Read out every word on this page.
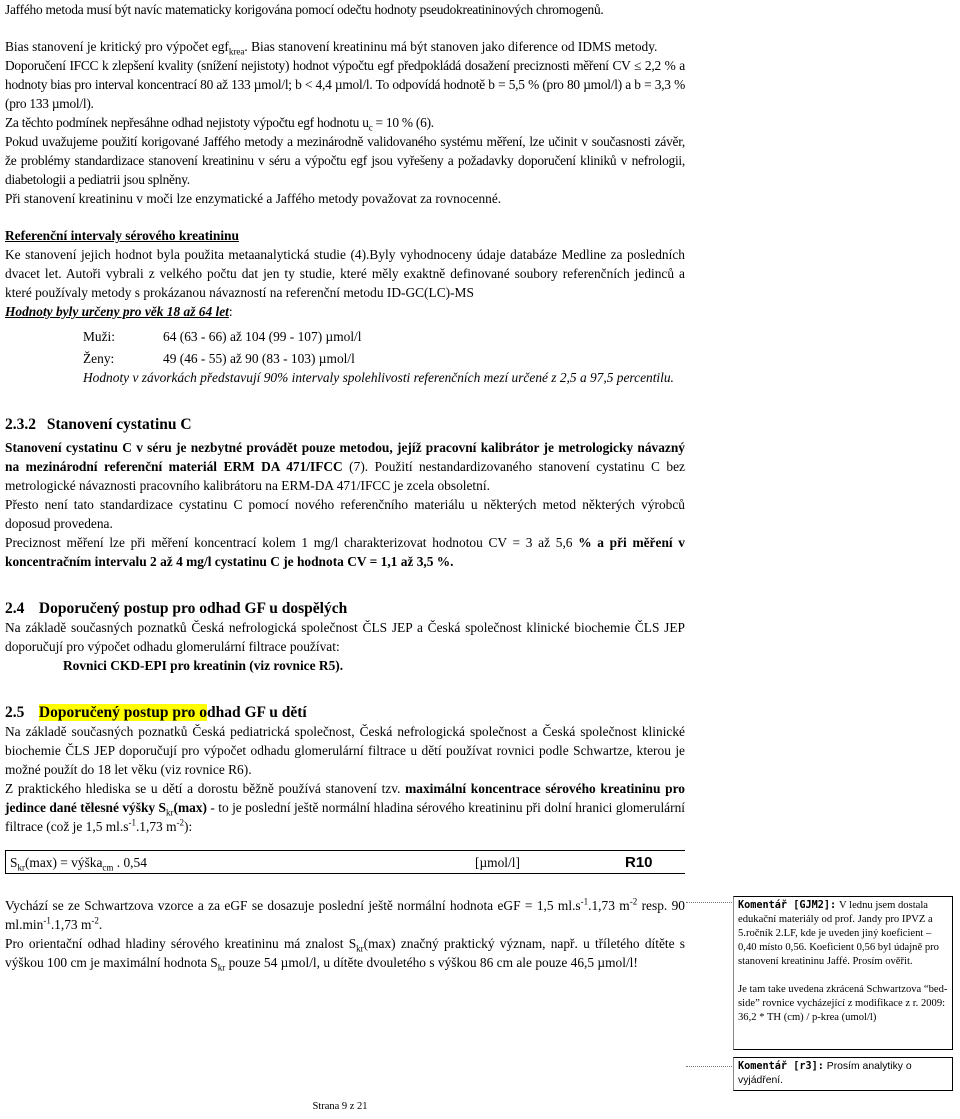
Jaffého metoda musí být navíc matematicky korigována pomocí odečtu hodnoty pseudokreatininových chromogenů.

Bias stanovení je kritický pro výpočet egf$_{krea}$. Bias stanovení kreatininu má být stanoven jako diference od IDMS metody.

Doporučení IFCC k zlepšení kvality (snížení nejistoty) hodnot výpočtu egf předpokládá dosažení preciznosti měření CV ≤ 2,2 % a hodnoty bias pro interval koncentrací 80 až 133 µmol/l; b < 4,4 µmol/l. To odpovídá hodnotě b = 5,5 % (pro 80 µmol/l) a b = 3,3 % (pro 133 µmol/l).

Za těchto podmínek nepřesáhne odhad nejistoty výpočtu egf hodnotu $u_c = 10$ % (6).

Pokud uvažujeme použití korigované Jaffého metody a mezinárodně validovaného systému měření, lze učinit v současnosti závěr, že problémy standardizace stanovení kreatininu v séru a výpočtu egf jsou vyřešeny a požadavky doporučení kliniků v nefrologii, diabetologii a pediatrii jsou splněny.

Při stanovení kreatininu v moči lze enzymatické a Jaffého metody považovat za rovnocenné.

Referenční intervaly sérového kreatininu

Ke stanovení jejich hodnot byla použita metaanalytická studie (4).Byly vyhodnoceny údaje databáze Medline za posledních dvacet let. Autoři vybrali z velkého počtu dat jen ty studie, které měly exaktně definované soubory referenčních jedinců a které používaly metody s prokázanou návazností na referenční metodu ID-GC(LC)-MS

Hodnoty byly určeny pro věk 18 až 64 let:

Muži:	64 (63 - 66) až 104 (99 - 107) µmol/l
Ženy:	49 (46 - 55) až 90 (83 - 103) µmol/l

Hodnoty v závorkách představují 90% intervaly spolehlivosti referenčních mezí určené z 2,5 a 97,5 percentilu.

2.3.2 Stanovení cystatinu C

Stanovení cystatinu C v séru je nezbytné provádět pouze metodou, jejíž pracovní kalibrátor je metrologicky návazný na mezinárodní referenční materiál ERM DA 471/IFCC (7). Použití nestandardizovaného stanovení cystatinu C bez metrologické návaznosti pracovního kalibrátoru na ERM-DA 471/IFCC je zcela obsoletní.

Přesto není tato standardizace cystatinu C pomocí nového referenčního materiálu u některých metod některých výrobců doposud provedena.

Preciznost měření lze při měření koncentrací kolem 1 mg/l charakterizovat hodnotou CV = 3 až 5,6 % a při měření v koncentračním intervalu 2 až 4 mg/l cystatinu C je hodnota CV = 1,1 až 3,5 %.

2.4 Doporučený postup pro odhad GF u dospělých

Na základě současných poznatků Česká nefrologická společnost ČLS JEP a Česká společnost klinické biochemie ČLS JEP doporučují pro výpočet odhadu glomerulární filtrace používat:

Rovnici CKD-EPI pro kreatinin (viz rovnice R5).

2.5 Doporučený postup pro odhad GF u dětí

Na základě současných poznatků Česká pediatrická společnost, Česká nefrologická společnost a Česká společnost klinické biochemie ČLS JEP doporučují pro výpočet odhadu glomerulární filtrace u dětí používat rovnici podle Schwartze, kterou je možné použít do 18 let věku (viz rovnice R6).

Z praktického hlediska se u dětí a dorostu běžně používá stanovení tzv. maximální koncentrace sérového kreatininu pro jedince dané tělesné výšky $S_{kr}(\max)$ - to je poslední ještě normální hladina sérového kreatininu při dolní hranici glomerulární filtrace (což je 1,5 $ml.s^{-1}.1,73$ $m^{-2}$):

$S_{kr}(\max)$ = výška$_{cm}$ . 0,54	[µmol/l]	R10

Vychází se ze Schwartzova vzorce a za eGF se dosazuje poslední ještě normální hodnota eGF = 1,5 $ml.s^{-1}.1,73$ $m^{-2}$ resp. 90 $ml.\min^{-1}.1,73$ $m^{-2}$.

Pro orientační odhad hladiny sérového kreatininu má znalost $S_{kr}(\max)$ značný praktický význam, např. u tříletého dítěte s výškou 100 cm je maximální hodnota $S_{kr}$ pouze 54 µmol/l, u dítěte dvouletého s výškou 86 cm ale pouze 46,5 µmol/l!

Strana 9 z 21
Komentář [GJM2]: V lednu jsem dostala edukační materiály od prof. Jandy pro IPVZ a 5.ročník 2.LF, kde je uveden jiný koeficient – 0,40 místo 0,56. Koeficient 0,56 byl údajně pro stanovení kreatininu Jaffé. Prosím ověřit.
Je tam take uvedena zkrácená Schwartzova “bed-side” rovnice vycházející z modifikace z r. 2009: 36,2 * TH (cm) / p-krea (umol/l)
Komentář [r3]: Prosím analytiky o vyjádření.
